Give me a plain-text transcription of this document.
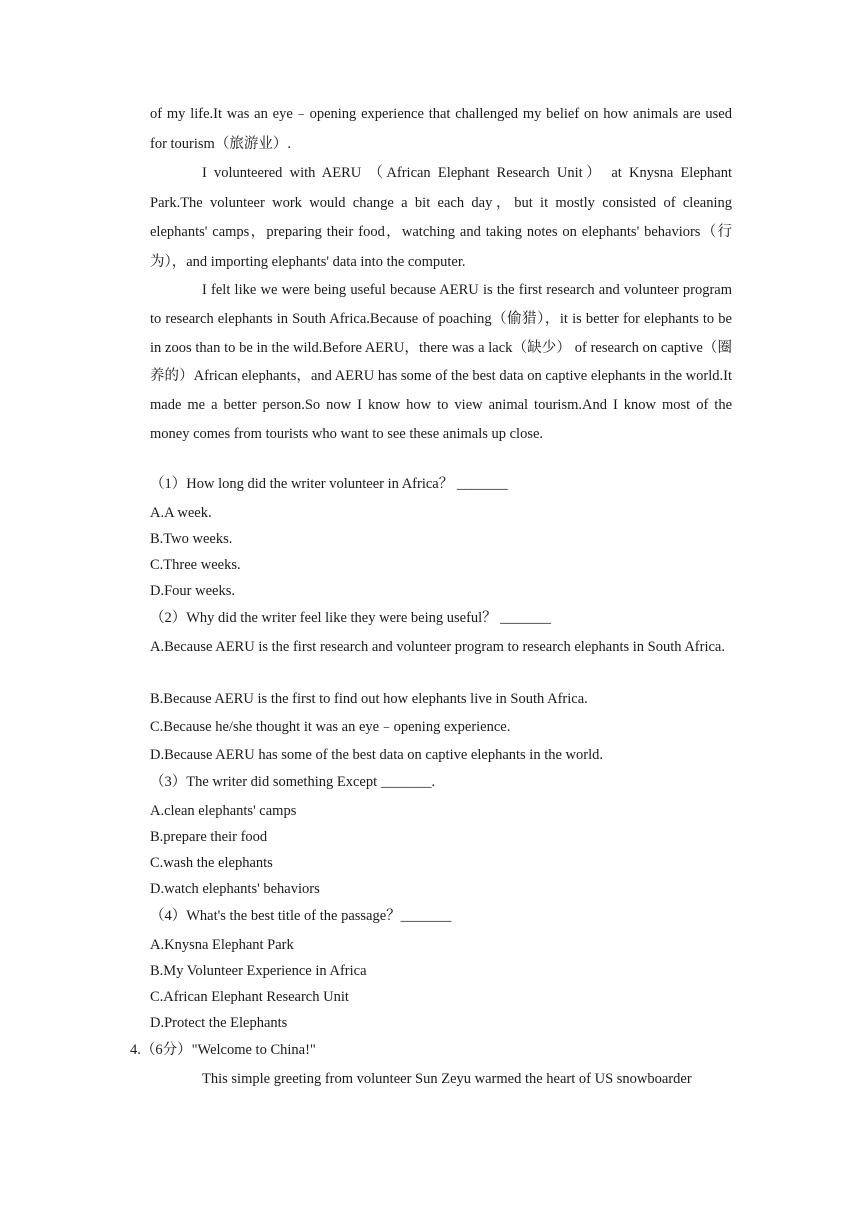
of my life.It was an eye﹣opening experience that challenged my belief on how animals are used for tourism（旅游业）.

I volunteered with AERU （African Elephant Research Unit） at Knysna Elephant Park.The volunteer work would change a bit each day，but it mostly consisted of cleaning elephants' camps，preparing their food，watching and taking notes on elephants' behaviors（行为），and importing elephants' data into the computer.

I felt like we were being useful because AERU is the first research and volunteer program to research elephants in South Africa.Because of poaching（偷猎），it is better for elephants to be in zoos than to be in the wild.Before AERU，there was a lack（缺少） of research on captive（圈养的）African elephants，and AERU has some of the best data on captive elephants in the world.It made me a better person.So now I know how to view animal tourism.And I know most of the money comes from tourists who want to see these animals up close.

（1）How long did the writer volunteer in Africa？ _______

A.A week.

B.Two weeks.

C.Three weeks.

D.Four weeks.

（2）Why did the writer feel like they were being useful？ _______

A.Because AERU is the first research and volunteer program to research elephants in South Africa.

B.Because AERU is the first to find out how elephants live in South Africa.

C.Because he/she thought it was an eye﹣opening experience.

D.Because AERU has some of the best data on captive elephants in the world.

（3）The writer did something Except _______.

A.clean elephants' camps

B.prepare their food

C.wash the elephants

D.watch elephants' behaviors

（4）What's the best title of the passage？_______

A.Knysna Elephant Park

B.My Volunteer Experience in Africa

C.African Elephant Research Unit

D.Protect the Elephants

4.（6分）"Welcome to China!"

This simple greeting from volunteer Sun Zeyu warmed the heart of US snowboarder
